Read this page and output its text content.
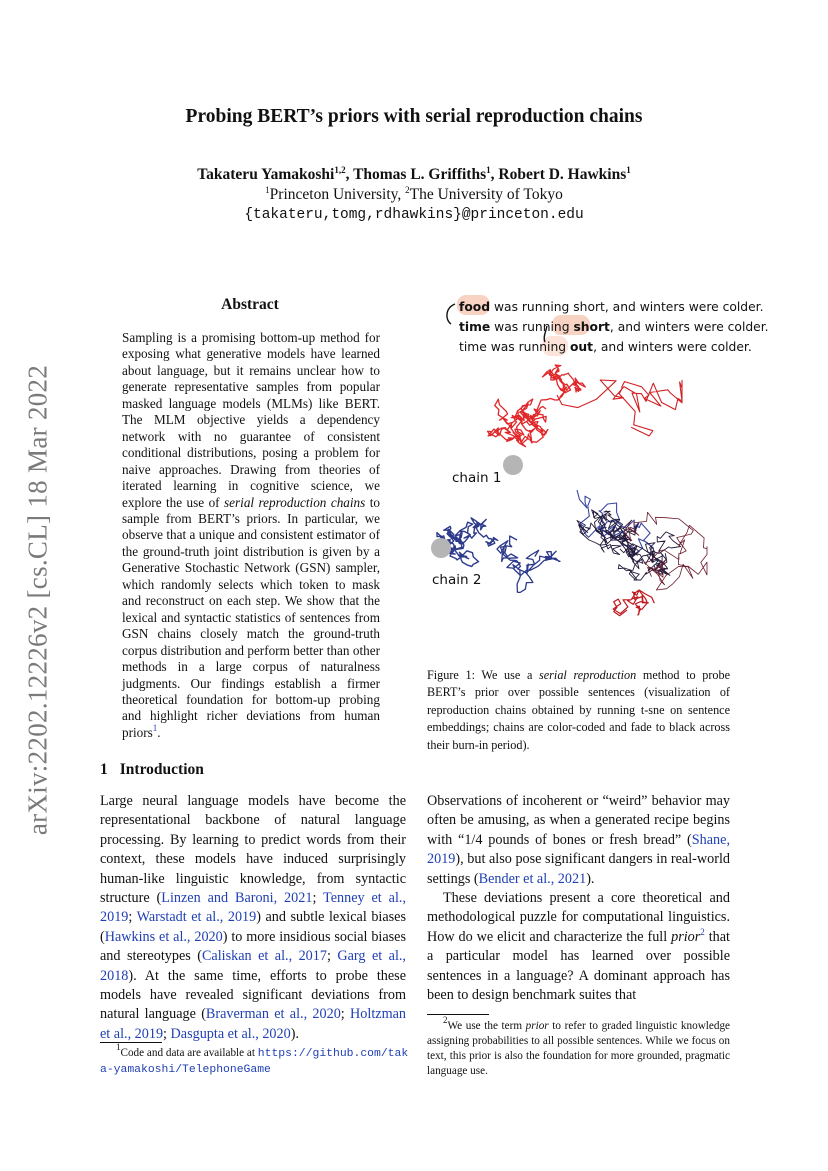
arXiv:2202.12226v2 [cs.CL] 18 Mar 2022
Probing BERT’s priors with serial reproduction chains
Takateru Yamakoshi$^{1,2}$, Thomas L. Griffiths$^1$, Robert D. Hawkins$^1$
$^1$Princeton University, $^2$The University of Tokyo
{takateru,tomg,rdhawkins}@princeton.edu
Abstract
Sampling is a promising bottom-up method for exposing what generative models have learned about language, but it remains unclear how to generate representative samples from popular masked language models (MLMs) like BERT. The MLM objective yields a dependency network with no guarantee of consistent conditional distributions, posing a problem for naive approaches. Drawing from theories of iterated learning in cognitive science, we explore the use of serial reproduction chains to sample from BERT’s priors. In particular, we observe that a unique and consistent estimator of the ground-truth joint distribution is given by a Generative Stochastic Network (GSN) sampler, which randomly selects which token to mask and reconstruct on each step. We show that the lexical and syntactic statistics of sentences from GSN chains closely match the ground-truth corpus distribution and perform better than other methods in a large corpus of naturalness judgments. Our findings establish a firmer theoretical foundation for bottom-up probing and highlight richer deviations from human priors$^1$.
food was running short, and winters were colder.
time was running short, and winters were colder.
time was running out, and winters were colder.
chain 1
chain 2
Figure 1: We use a serial reproduction method to probe BERT’s prior over possible sentences (visualization of reproduction chains obtained by running t-sne on sentence embeddings; chains are color-coded and fade to black across their burn-in period).
1 Introduction

Large neural language models have become the representational backbone of natural language processing. By learning to predict words from their context, these models have induced surprisingly human-like linguistic knowledge, from syntactic structure (Linzen and Baroni, 2021; Tenney et al., 2019; Warstadt et al., 2019) and subtle lexical biases (Hawkins et al., 2020) to more insidious social biases and stereotypes (Caliskan et al., 2017; Garg et al., 2018). At the same time, efforts to probe these models have revealed significant deviations from natural language (Braverman et al., 2020; Holtzman et al., 2019; Dasgupta et al., 2020).

Observations of incoherent or “weird” behavior may often be amusing, as when a generated recipe begins with “1/4 pounds of bones or fresh bread” (Shane, 2019), but also pose significant dangers in real-world settings (Bender et al., 2021).

These deviations present a core theoretical and methodological puzzle for computational linguistics. How do we elicit and characterize the full prior$^2$ that a particular model has learned over possible sentences in a language? A dominant approach has been to design benchmark suites that

$^1$Code and data are available at https://github.com/taka-yamakoshi/TelephoneGame
$^2$We use the term prior to refer to graded linguistic knowledge assigning probabilities to all possible sentences. While we focus on text, this prior is also the foundation for more grounded, pragmatic language use.
